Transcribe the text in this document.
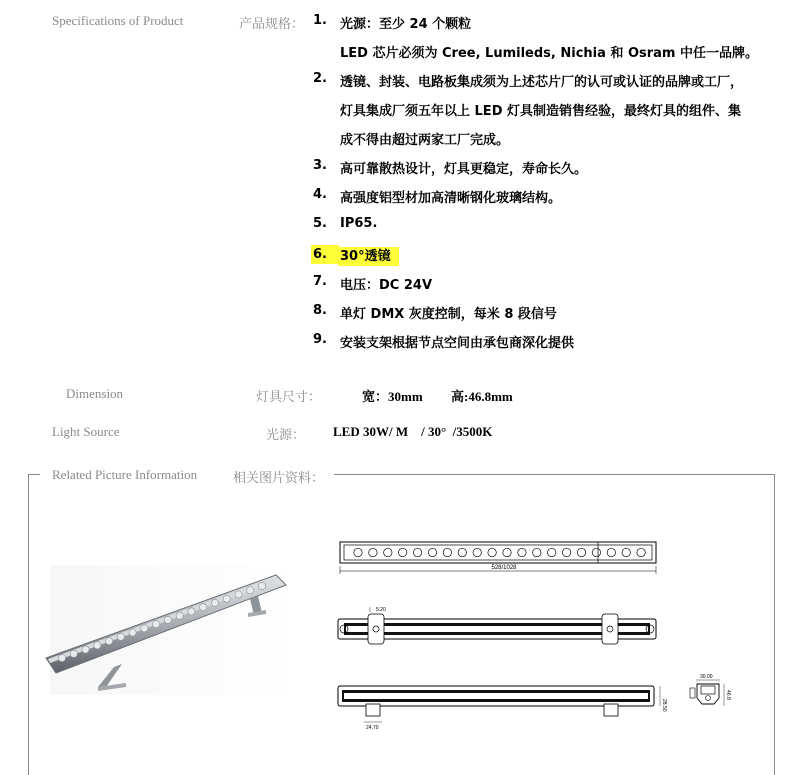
Specifications of Product	产品规格： 1. 光源：至少 24 个颗粒
LED 芯片必须为 Cree, Lumileds, Nichia 和 Osram 中任一品牌。
2. 透镜、封装、电路板集成须为上述芯片厂的认可或认证的品牌或工厂，
灯具集成厂须五年以上 LED 灯具制造销售经验，最终灯具的组件、集
成不得由超过两家工厂完成。
3. 高可靠散热设计，灯具更稳定，寿命长久。
4. 高强度铝型材加高清晰钢化玻璃结构。
5. IP65.
6.	30°透镜
7. 电压：DC 24V
8. 单灯 DMX 灰度控制，每米 8 段信号
9. 安装支架根据节点空间由承包商深化提供
Dimension	灯具尺寸：	宽：30mm 高:46.8mm
Light Source	光源： LED 30W/ M    / 30°  /3500K
Related Picture Information	相关图片资料：
528/1028
5.20
28.50
24.70
30.00
46.8
